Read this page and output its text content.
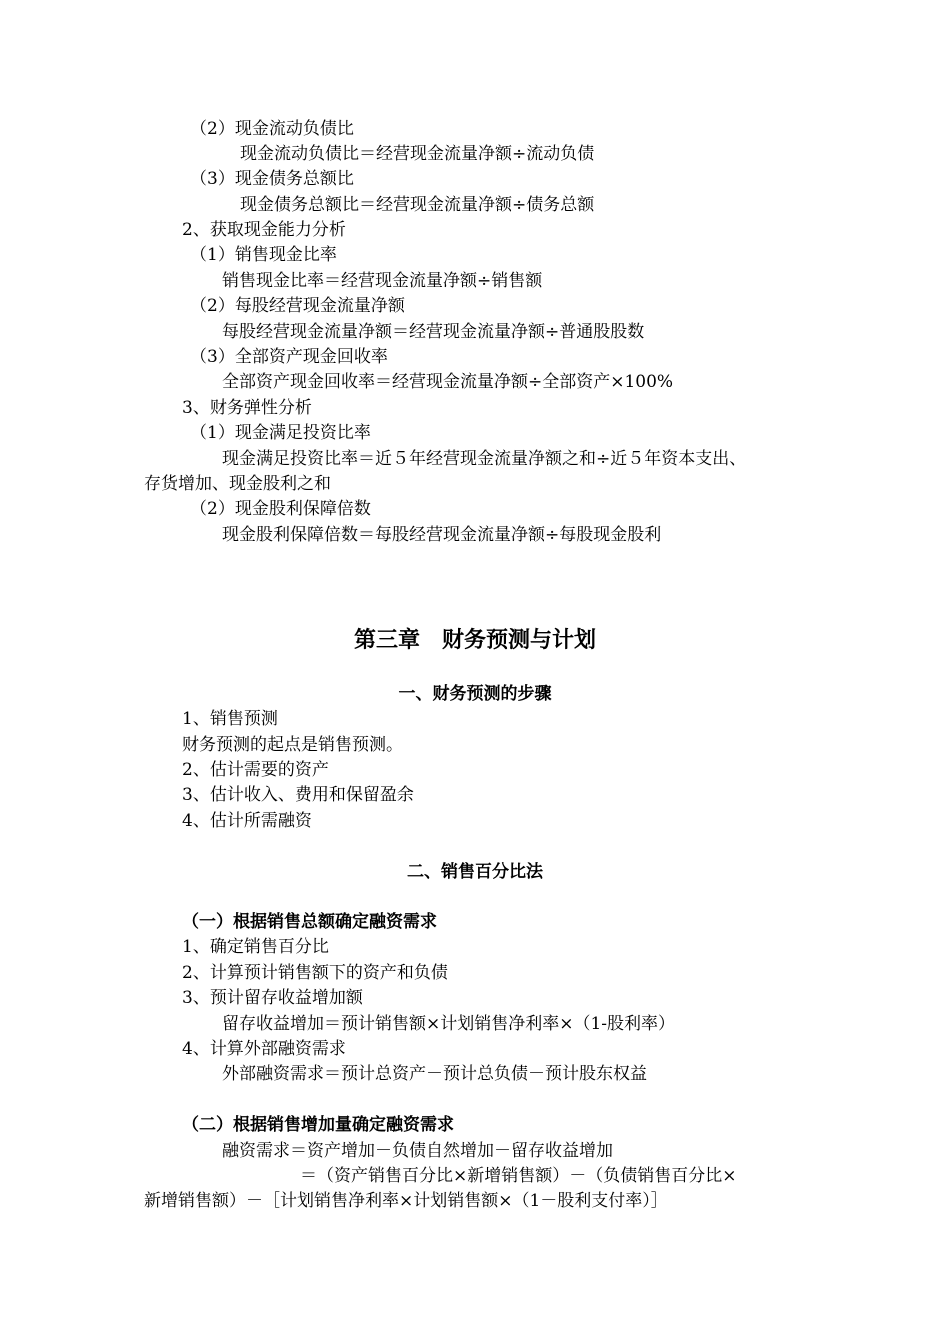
（2）现金流动负债比
现金流动负债比＝经营现金流量净额÷流动负债
（3）现金债务总额比
现金债务总额比＝经营现金流量净额÷债务总额
2、获取现金能力分析
（1）销售现金比率
销售现金比率＝经营现金流量净额÷销售额
（2）每股经营现金流量净额
每股经营现金流量净额＝经营现金流量净额÷普通股股数
（3）全部资产现金回收率
全部资产现金回收率＝经营现金流量净额÷全部资产×100%
3、财务弹性分析
（1）现金满足投资比率
现金满足投资比率＝近５年经营现金流量净额之和÷近５年资本支出、
存货增加、现金股利之和
（2）现金股利保障倍数
现金股利保障倍数＝每股经营现金流量净额÷每股现金股利
第三章　财务预测与计划
一、财务预测的步骤
1、销售预测
财务预测的起点是销售预测。
2、估计需要的资产
3、估计收入、费用和保留盈余
4、估计所需融资
二、销售百分比法
（一）根据销售总额确定融资需求
1、确定销售百分比
2、计算预计销售额下的资产和负债
3、预计留存收益增加额
留存收益增加＝预计销售额×计划销售净利率×（1-股利率）
4、计算外部融资需求
外部融资需求＝预计总资产－预计总负债－预计股东权益
（二）根据销售增加量确定融资需求
融资需求＝资产增加－负债自然增加－留存收益增加
＝（资产销售百分比×新增销售额）－（负债销售百分比×
新增销售额）－［计划销售净利率×计划销售额×（1－股利支付率）］
